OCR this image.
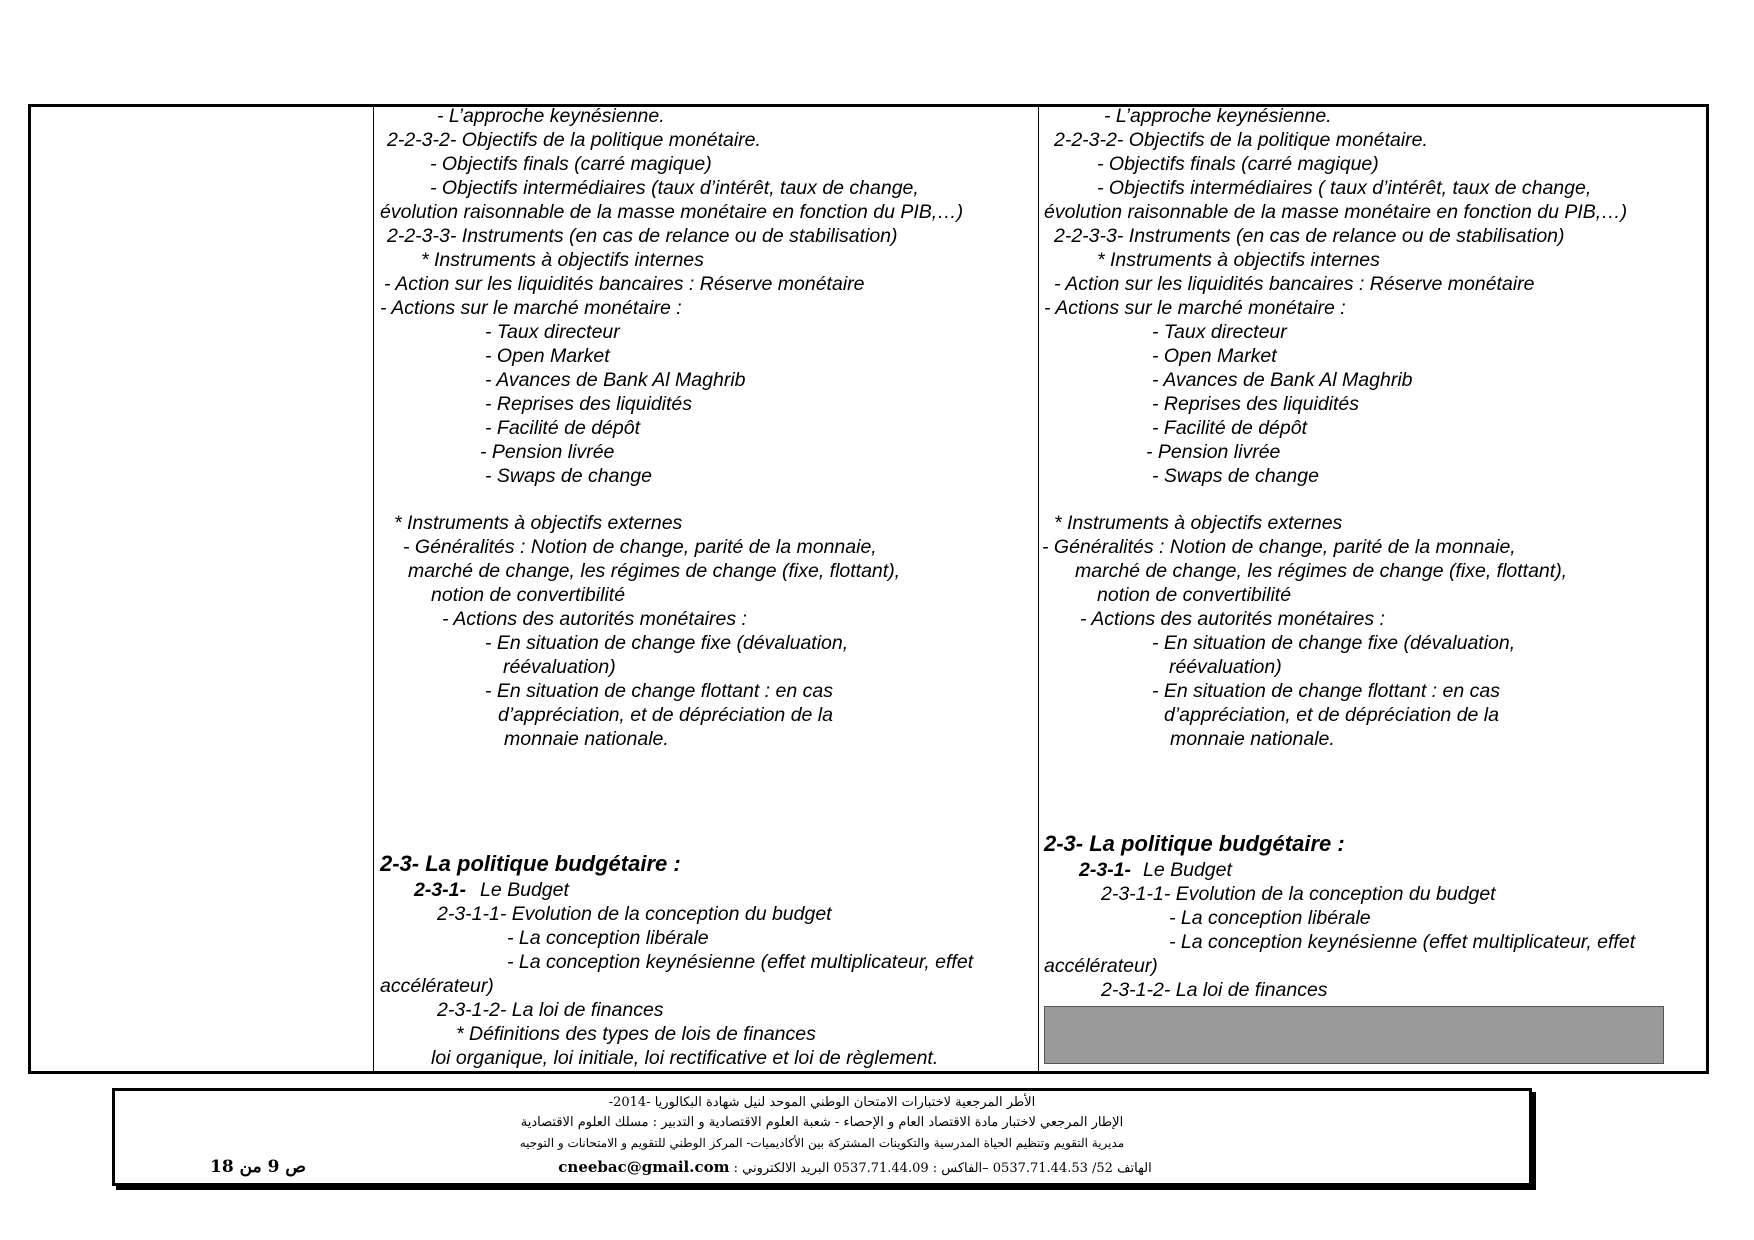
- L’approche keynésienne.
2-2-3-2- Objectifs de la politique monétaire.
- Objectifs finals (carré magique)
- Objectifs intermédiaires (taux d’intérêt, taux de change,
évolution raisonnable de la masse monétaire en fonction du PIB,…)
2-2-3-3- Instruments (en cas de relance ou de stabilisation)
* Instruments à objectifs internes
- Action sur les liquidités bancaires : Réserve monétaire
- Actions sur le marché monétaire :
- Taux directeur
- Open Market
- Avances de Bank Al Maghrib
- Reprises des liquidités
- Facilité de dépôt
- Pension livrée
- Swaps de change
* Instruments à objectifs externes
- Généralités : Notion de change, parité de la monnaie,
marché de change, les régimes de change (fixe, flottant),
notion de convertibilité
- Actions des autorités monétaires :
- En situation de change fixe (dévaluation,
réévaluation)
- En situation de change flottant : en cas
d’appréciation, et de dépréciation de la
monnaie nationale.
2-3- La politique budgétaire :
2-3-1- Le Budget
2-3-1-1- Evolution de la conception du budget
- La conception libérale
- La conception keynésienne (effet multiplicateur, effet
accélérateur)
2-3-1-2- La loi de finances
* Définitions des types de lois de finances
loi organique, loi initiale, loi rectificative et loi de règlement.
- L’approche keynésienne.
2-2-3-2- Objectifs de la politique monétaire.
- Objectifs finals (carré magique)
- Objectifs intermédiaires ( taux d’intérêt, taux de change,
évolution raisonnable de la masse monétaire en fonction du PIB,…)
2-2-3-3- Instruments (en cas de relance ou de stabilisation)
* Instruments à objectifs internes
- Action sur les liquidités bancaires : Réserve monétaire
- Actions sur le marché monétaire :
- Taux directeur
- Open Market
- Avances de Bank Al Maghrib
- Reprises des liquidités
- Facilité de dépôt
- Pension livrée
- Swaps de change
* Instruments à objectifs externes
- Généralités : Notion de change, parité de la monnaie,
marché de change, les régimes de change (fixe, flottant),
notion de convertibilité
- Actions des autorités monétaires :
- En situation de change fixe (dévaluation,
réévaluation)
- En situation de change flottant : en cas
d’appréciation, et de dépréciation de la
monnaie nationale.
2-3- La politique budgétaire :
2-3-1- Le Budget
2-3-1-1- Evolution de la conception du budget
- La conception libérale
- La conception keynésienne (effet multiplicateur, effet
accélérateur)
2-3-1-2- La loi de finances
الأطر المرجعية لاختبارات الامتحان الوطني الموحد لنيل شهادة البكالوريا -2014-
الإطار المرجعي لاختبار مادة الاقتصاد العام و الإحصاء - شعبة العلوم الاقتصادية و التدبير : مسلك العلوم الاقتصادية
مديرية التقويم وتنظيم الحياة المدرسية والتكوينات المشتركة بين الأكاديميات- المركز الوطني للتقويم و الامتحانات و التوجيه
ص 9 من 18	الهاتف 52/ 0537.71.44.53 –الفاكس : 0537.71.44.09 البريد الالكتروني : cneebac@gmail.com
